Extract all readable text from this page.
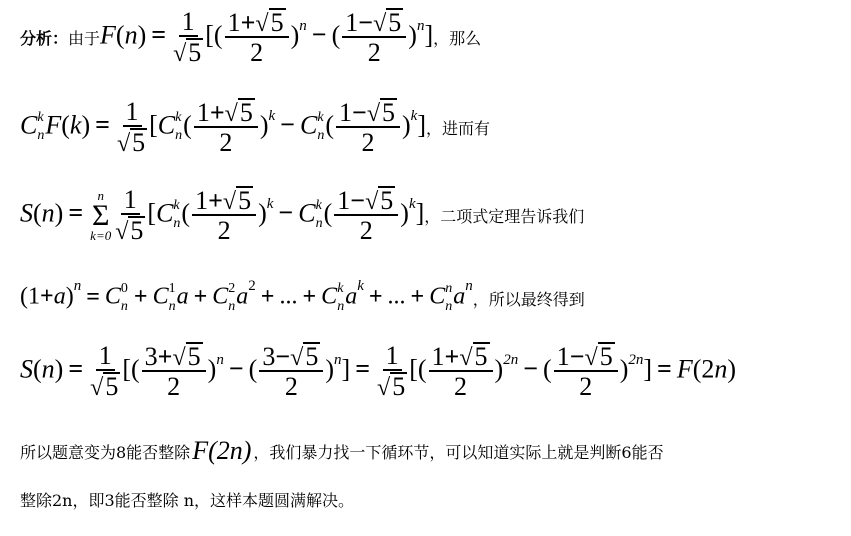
分析： 由于 $F(n) = \frac{1}{√ 5}$ [( $\frac{1+ √ 5}{2} )^n$ − ( $\frac{1- √ 5}{2} )^n$] ，那么
C k
n $F(k) = \frac{1}{√ 5} [C$ k
n ( $\frac{1+ √ 5}{2} )^k - C$ k
n ( $\frac{1- √ 5}{2} )^k$] ，进而有
S(n) =
n
Σ
$k=0 \frac{1}{√ 5} [C$ k
n ( $\frac{1+ √ 5}{2} )^k - C$ k
n ( $\frac{1- √ 5}{2} )^k$] ，二项式定理告诉我们
$(1+a)^n = C$ 0
n + C 1
n a + C 2
n $a^2$ + ... + C k
n $a^k$ + ... + C n
n $a^n$
，所以最终得到
$S(n) = \frac{1}{√ 5}$ [( $\frac{3+ √ 5}{2} )^n$ − ( $\frac{3- √ 5}{2} )^n] = \frac{1}{√ 5}$ [( $\frac{1+ √ 5}{2} )^{2n}$ − ( $\frac{1- √ 5}{2} )^{2n}] = F(2n)$
所以题意变为8能否整除 F(2n) ，我们暴力找一下循环节，可以知道实际上就是判断6能否
整除2n，即3能否整除 n，这样本题圆满解决。
